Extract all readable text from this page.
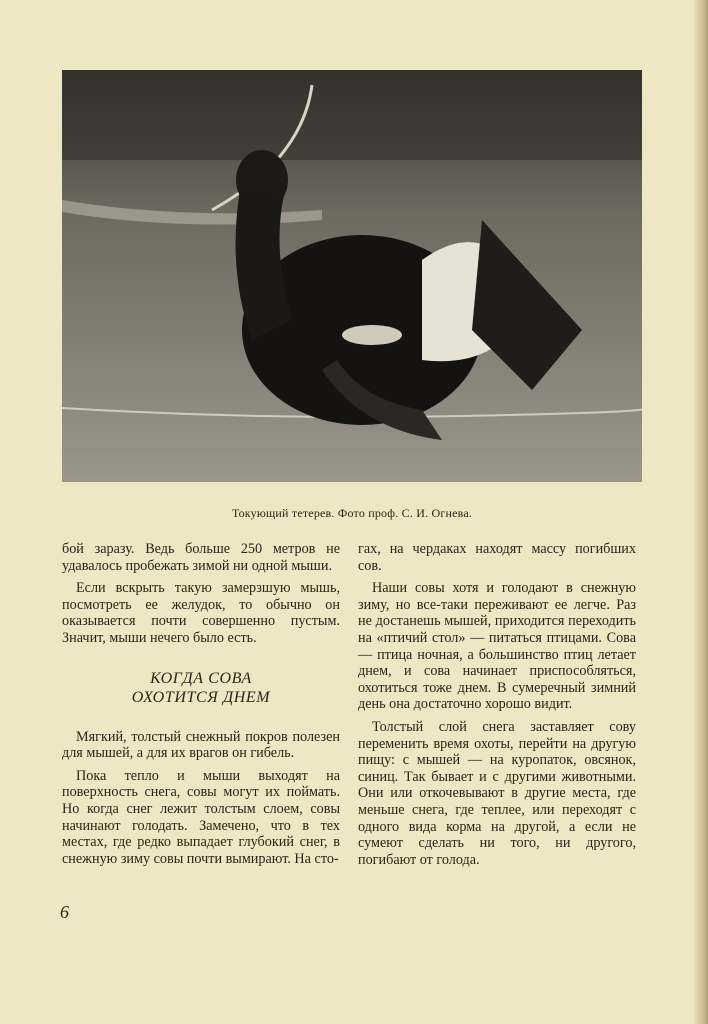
Токующий тетерев. Фото проф. С. И. Огнева.

бой заразу. Ведь больше 250 метров не удавалось пробежать зимой ни одной мыши.

Если вскрыть такую замерзшую мышь, посмотреть ее желудок, то обычно он оказывается почти совершенно пустым. Значит, мыши нечего было есть.

КОГДА СОВА
ОХОТИТСЯ ДНЕМ

Мягкий, толстый снежный покров полезен для мышей, а для их врагов он гибель.

Пока тепло и мыши выходят на поверхность снега, совы могут их поймать. Но когда снег лежит толстым слоем, совы начинают голодать. Замечено, что в тех местах, где редко выпадает глубокий снег, в снежную зиму совы почти вымирают. На сто-

гах, на чердаках находят массу погибших сов.

Наши совы хотя и голодают в снежную зиму, но все-таки переживают ее легче. Раз не достанешь мышей, приходится переходить на «птичий стол» — питаться птицами. Сова — птица ночная, а большинство птиц летает днем, и сова начинает приспособляться, охотиться тоже днем. В сумеречный зимний день она достаточно хорошо видит.

Толстый слой снега заставляет сову переменить время охоты, перейти на другую пищу: с мышей — на куропаток, овсянок, синиц. Так бывает и с другими животными. Они или откочевывают в другие места, где меньше снега, где теплее, или переходят с одного вида корма на другой, а если не сумеют сделать ни того, ни другого, погибают от голода.

6
